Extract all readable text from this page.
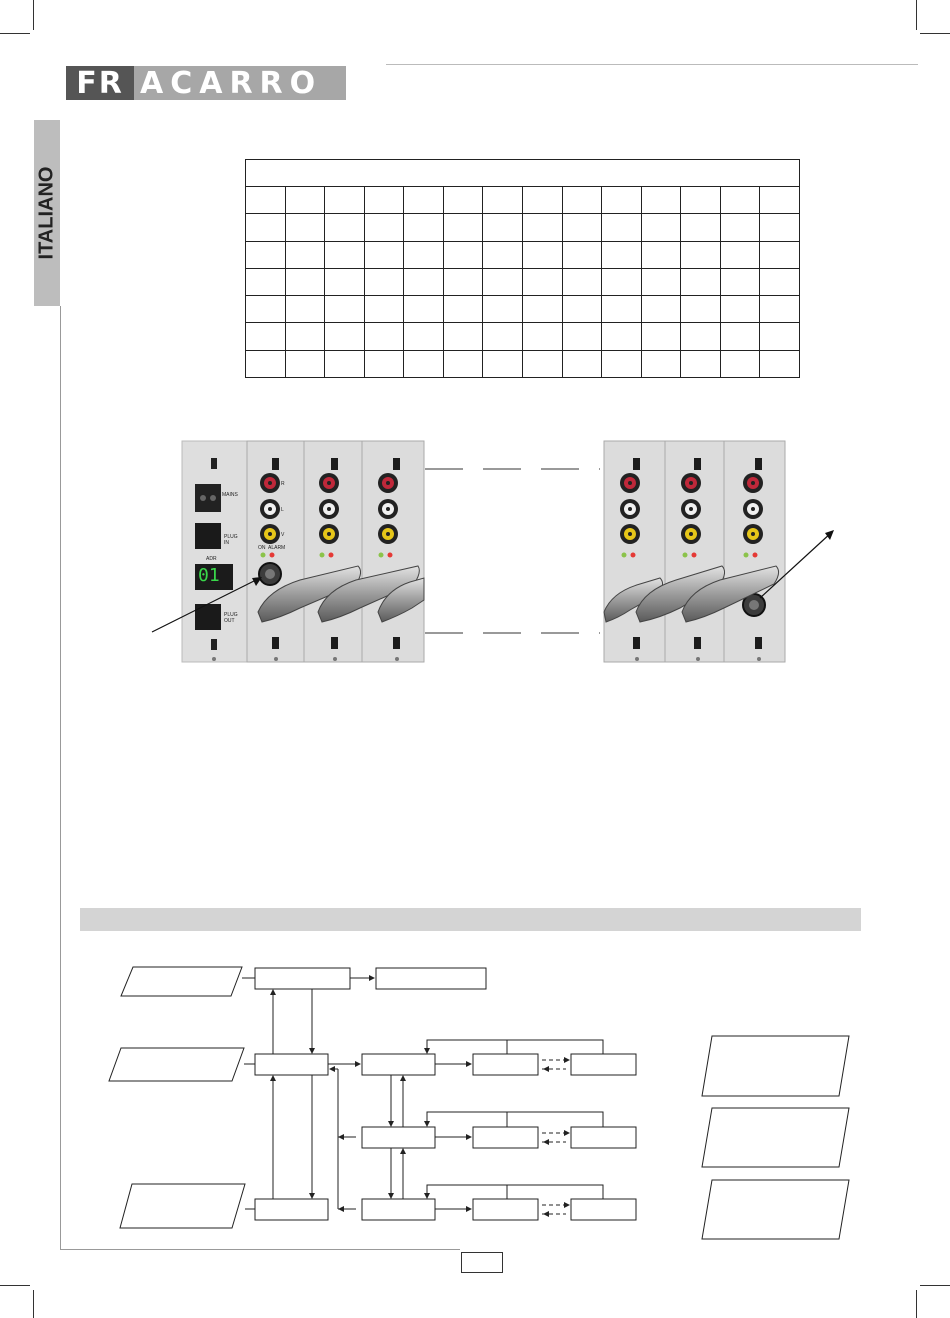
FR ACARRO
ITALIANO

MAINS
PLUG IN
ADR
01
PLUG OUT
R
L
V
ON ALARM
